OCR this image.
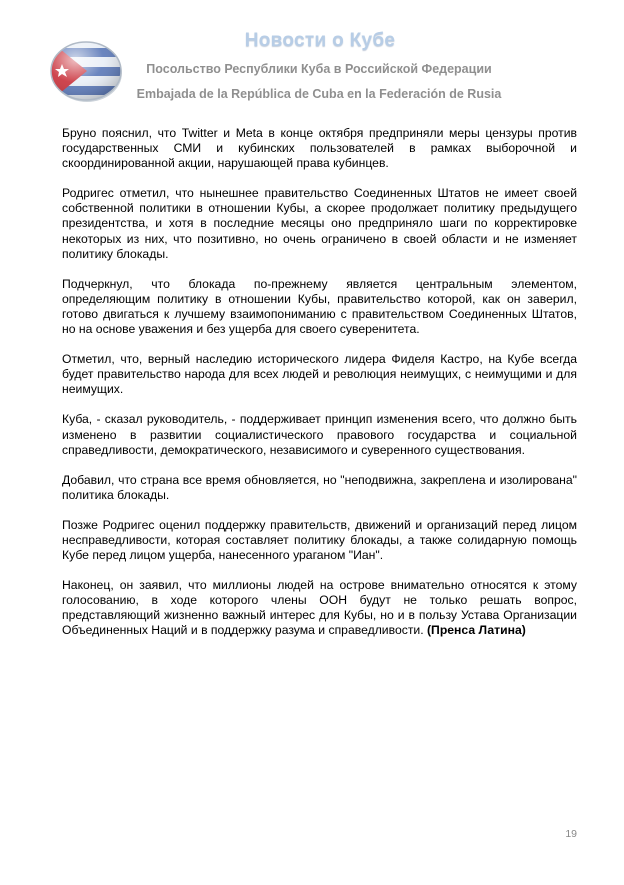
Новости о Кубе
Посольство Республики Куба в Российской Федерации
Embajada de la República de Cuba en la Federación de Rusia

Бруно пояснил, что Twitter и Meta в конце октября предприняли меры цензуры против государственных СМИ и кубинских пользователей в рамках выборочной и скоординированной акции, нарушающей права кубинцев.

Родригес отметил, что нынешнее правительство Соединенных Штатов не имеет своей собственной политики в отношении Кубы, а скорее продолжает политику предыдущего президентства, и хотя в последние месяцы оно предприняло шаги по корректировке некоторых из них, что позитивно, но очень ограничено в своей области и не изменяет политику блокады.

Подчеркнул, что блокада по-прежнему является центральным элементом, определяющим политику в отношении Кубы, правительство которой, как он заверил, готово двигаться к лучшему взаимопониманию с правительством Соединенных Штатов, но на основе уважения и без ущерба для своего суверенитета.

Отметил, что, верный наследию исторического лидера Фиделя Кастро, на Кубе всегда будет правительство народа для всех людей и революция неимущих, с неимущими и для неимущих.

Куба, - сказал руководитель, - поддерживает принцип изменения всего, что должно быть изменено в развитии социалистического правового государства и социальной справедливости, демократического, независимого и суверенного существования.

Добавил, что страна все время обновляется, но "неподвижна, закреплена и изолирована" политика блокады.

Позже Родригес оценил поддержку правительств, движений и организаций перед лицом несправедливости, которая составляет политику блокады, а также солидарную помощь Кубе перед лицом ущерба, нанесенного ураганом "Иан".

Наконец, он заявил, что миллионы людей на острове внимательно относятся к этому голосованию, в ходе которого члены ООН будут не только решать вопрос, представляющий жизненно важный интерес для Кубы, но и в пользу Устава Организации Объединенных Наций и в поддержку разума и справедливости. (Пренса Латина)

19
